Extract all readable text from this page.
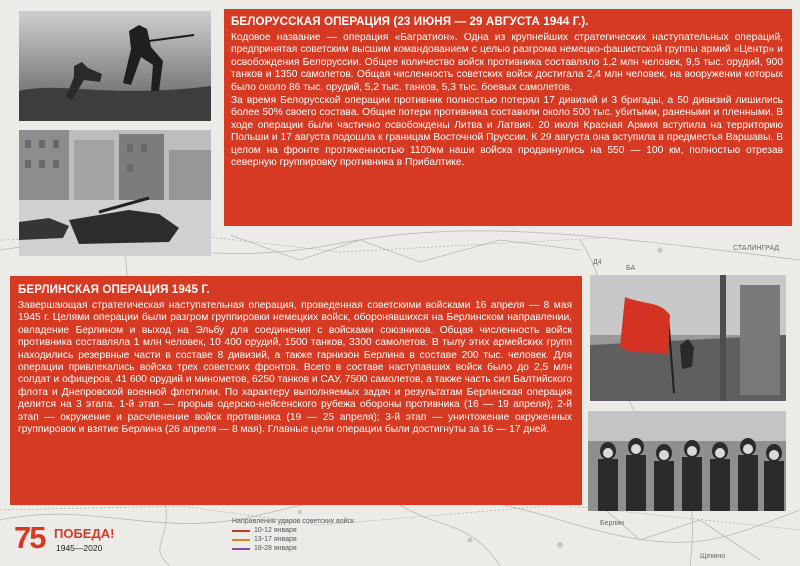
СТАЛИНГРАД
БА
Д4
Щекино
Берлин
БЕЛОРУССКАЯ ОПЕРАЦИЯ (23 ИЮНЯ — 29 АВГУСТА 1944 Г.).

Кодовое название — операция «Багратион». Одна из крупнейших стратегических наступательных операций, предпринятая советским высшим командованием с целью разгрома немецко-фашистской группы армий «Центр» и освобождения Белоруссии. Общее количество войск противника составляло 1,2 млн человек, 9,5 тыс. орудий, 900 танков и 1350 самолетов. Общая численность советских войск достигала 2,4 млн человек, на вооружении которых было около 86 тыс. орудий, 5,2 тыс. танков, 5,3 тыс. боевых самолетов.

За время Белорусской операции противник полностью потерял 17 дивизий и 3 бригады, а 50 дивизий лишились более 50% своего состава. Общие потери противника составили около 500 тыс. убитыми, ранеными и пленными. В ходе операции были частично освобождены Литва и Латвия. 20 июля Красная Армия вступила на территорию Польши и 17 августа подошла к границам Восточной Пруссии. К 29 августа она вступила в предместья Варшавы. В целом на фронте протяженностью 1100км наши войска продвинулись на 550 — 100 км, полностью отрезав северную группировку противника в Прибалтике.

БЕРЛИНСКАЯ ОПЕРАЦИЯ 1945 Г.

Завершающая стратегическая наступательная операция, проведенная советскими войсками 16 апреля — 8 мая 1945 г. Целями операции были разгром группировки немецких войск, оборонявшихся на Берлинском направлении, овладение Берлином и выход на Эльбу для соединения с войсками союзников. Общая численность войск противника составляла 1 млн человек, 10 400 орудий, 1500 танков, 3300 самолетов. В тылу этих армейских групп находились резервные части в составе 8 дивизий, а также гарнизон Берлина в составе 200 тыс. человек. Для операции привлекались войска трех советских фронтов. Всего в составе наступавших войск было до 2,5 млн солдат и офицеров, 41 600 орудий и минометов, 6250 танков и САУ, 7500 самолетов, а также часть сил Балтийского флота и Днепровской военной флотилии. По характеру выполняемых задач и результатам Берлинская операция делится на 3 этапа. 1-й этап — прорыв одерско-нейсенского рубежа обороны противника (16 — 19 апреля); 2-й этап — окружение и расчленение войск противника (19 — 25 апреля); 3-й этап — уничтожение окруженных группировок и взятие Берлина (26 апреля — 8 мая). Главные цели операции были достигнуты за 16 — 17 дней.

Направления ударов советских войск
10-12 января
13-17 января
18-28 января
75 ПОБЕДА!
1945—2020
